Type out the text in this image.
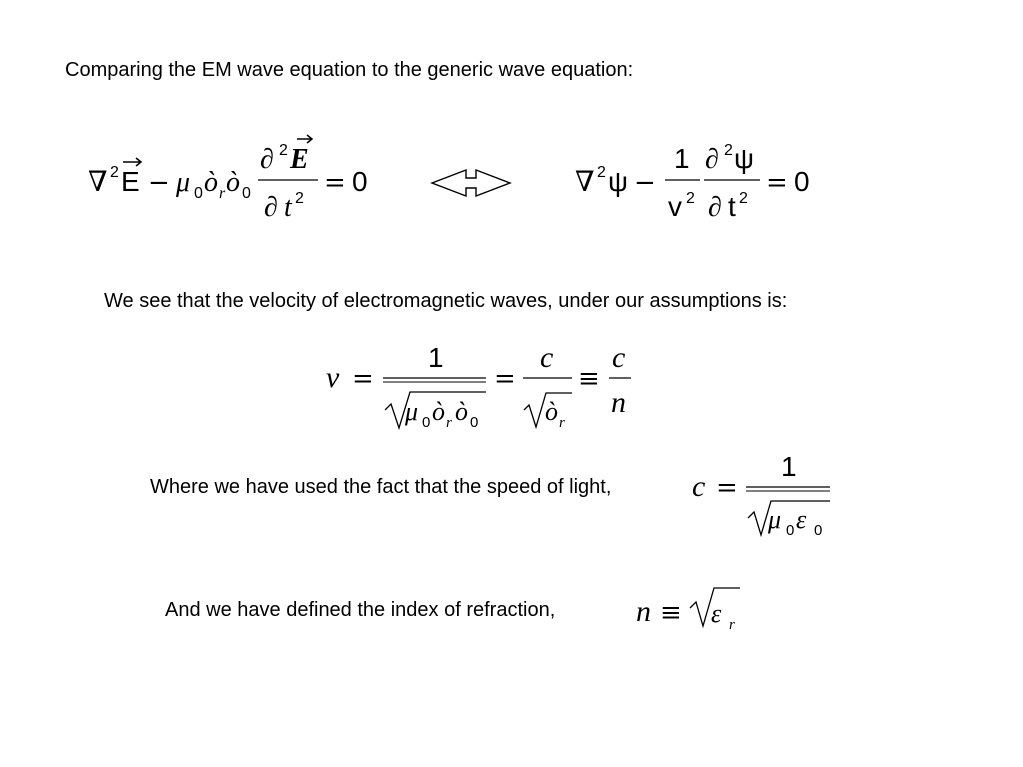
Comparing the EM wave equation to the generic wave equation:
We see that the velocity of electromagnetic waves, under our assumptions is:
Where we have used the fact that the speed of light,
And we have defined the index of refraction,
∇ 2 E − μ 0 ò r ò 0
∂ 2 E
∂ t 2
= 0	∇ 2 ψ −
1
v 2
∂ 2 ψ
∂ t 2
= 0
v =
1
μ 0 ò r ò 0
=
c
ò r
≡
c
n
c =
1
μ 0 ε 0
n ≡ ε r
